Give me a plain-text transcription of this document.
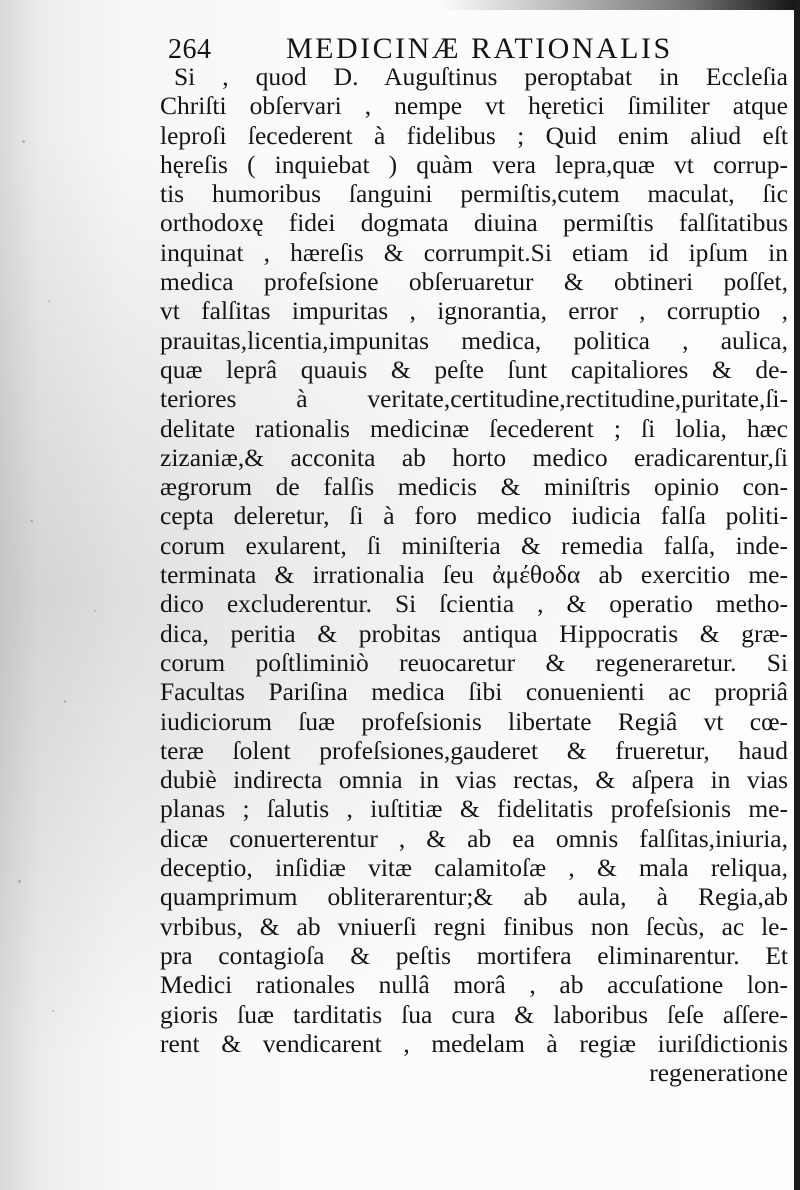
264 MEDICINÆ RATIONALIS
Si , quod D. Auguſtinus peroptabat in Eccleſia
Chriſti obſervari , nempe vt hęretici ſimiliter atque
leproſi ſecederent à fidelibus ; Quid enim aliud eſt
hęreſis ( inquiebat ) quàm vera lepra,quæ vt corrup-
tis humoribus ſanguini permiſtis,cutem maculat, ſic
orthodoxę fidei dogmata diuina permiſtis falſitatibus
inquinat , hæreſis & corrumpit.Si etiam id ipſum in
medica profeſsione obſeruaretur & obtineri poſſet,
vt falſitas impuritas , ignorantia, error , corruptio ,
prauitas,licentia,impunitas medica, politica , aulica,
quæ leprâ quauis & peſte ſunt capitaliores & de-
teriores à veritate,certitudine,rectitudine,puritate,ſi-
delitate rationalis medicinæ ſecederent ; ſi lolia, hæc
zizaniæ,& acconita ab horto medico eradicarentur,ſi
ægrorum de falſis medicis & miniſtris opinio con-
cepta deleretur, ſi à foro medico iudicia falſa politi-
corum exularent, ſi miniſteria & remedia falſa, inde-
terminata & irrationalia ſeu ἀμέθοδα ab exercitio me-
dico excluderentur. Si ſcientia , & operatio metho-
dica, peritia & probitas antiqua Hippocratis & græ-
corum poſtliminiò reuocaretur & regeneraretur. Si
Facultas Pariſina medica ſibi conuenienti ac propriâ
iudiciorum ſuæ profeſsionis libertate Regiâ vt cœ-
teræ ſolent profeſsiones,gauderet & frueretur, haud
dubiè indirecta omnia in vias rectas, & aſpera in vias
planas ; ſalutis , iuſtitiæ & fidelitatis profeſsionis me-
dicæ conuerterentur , & ab ea omnis falſitas,iniuria,
deceptio, inſidiæ vitæ calamitoſæ , & mala reliqua,
quamprimum obliterarentur;& ab aula, à Regia,ab
vrbibus, & ab vniuerſi regni finibus non ſecùs, ac le-
pra contagioſa & peſtis mortifera eliminarentur. Et
Medici rationales nullâ morâ , ab accuſatione lon-
gioris ſuæ tarditatis ſua cura & laboribus ſeſe aſſere-
rent & vendicarent , medelam à regiæ iuriſdictionis
regeneratione
